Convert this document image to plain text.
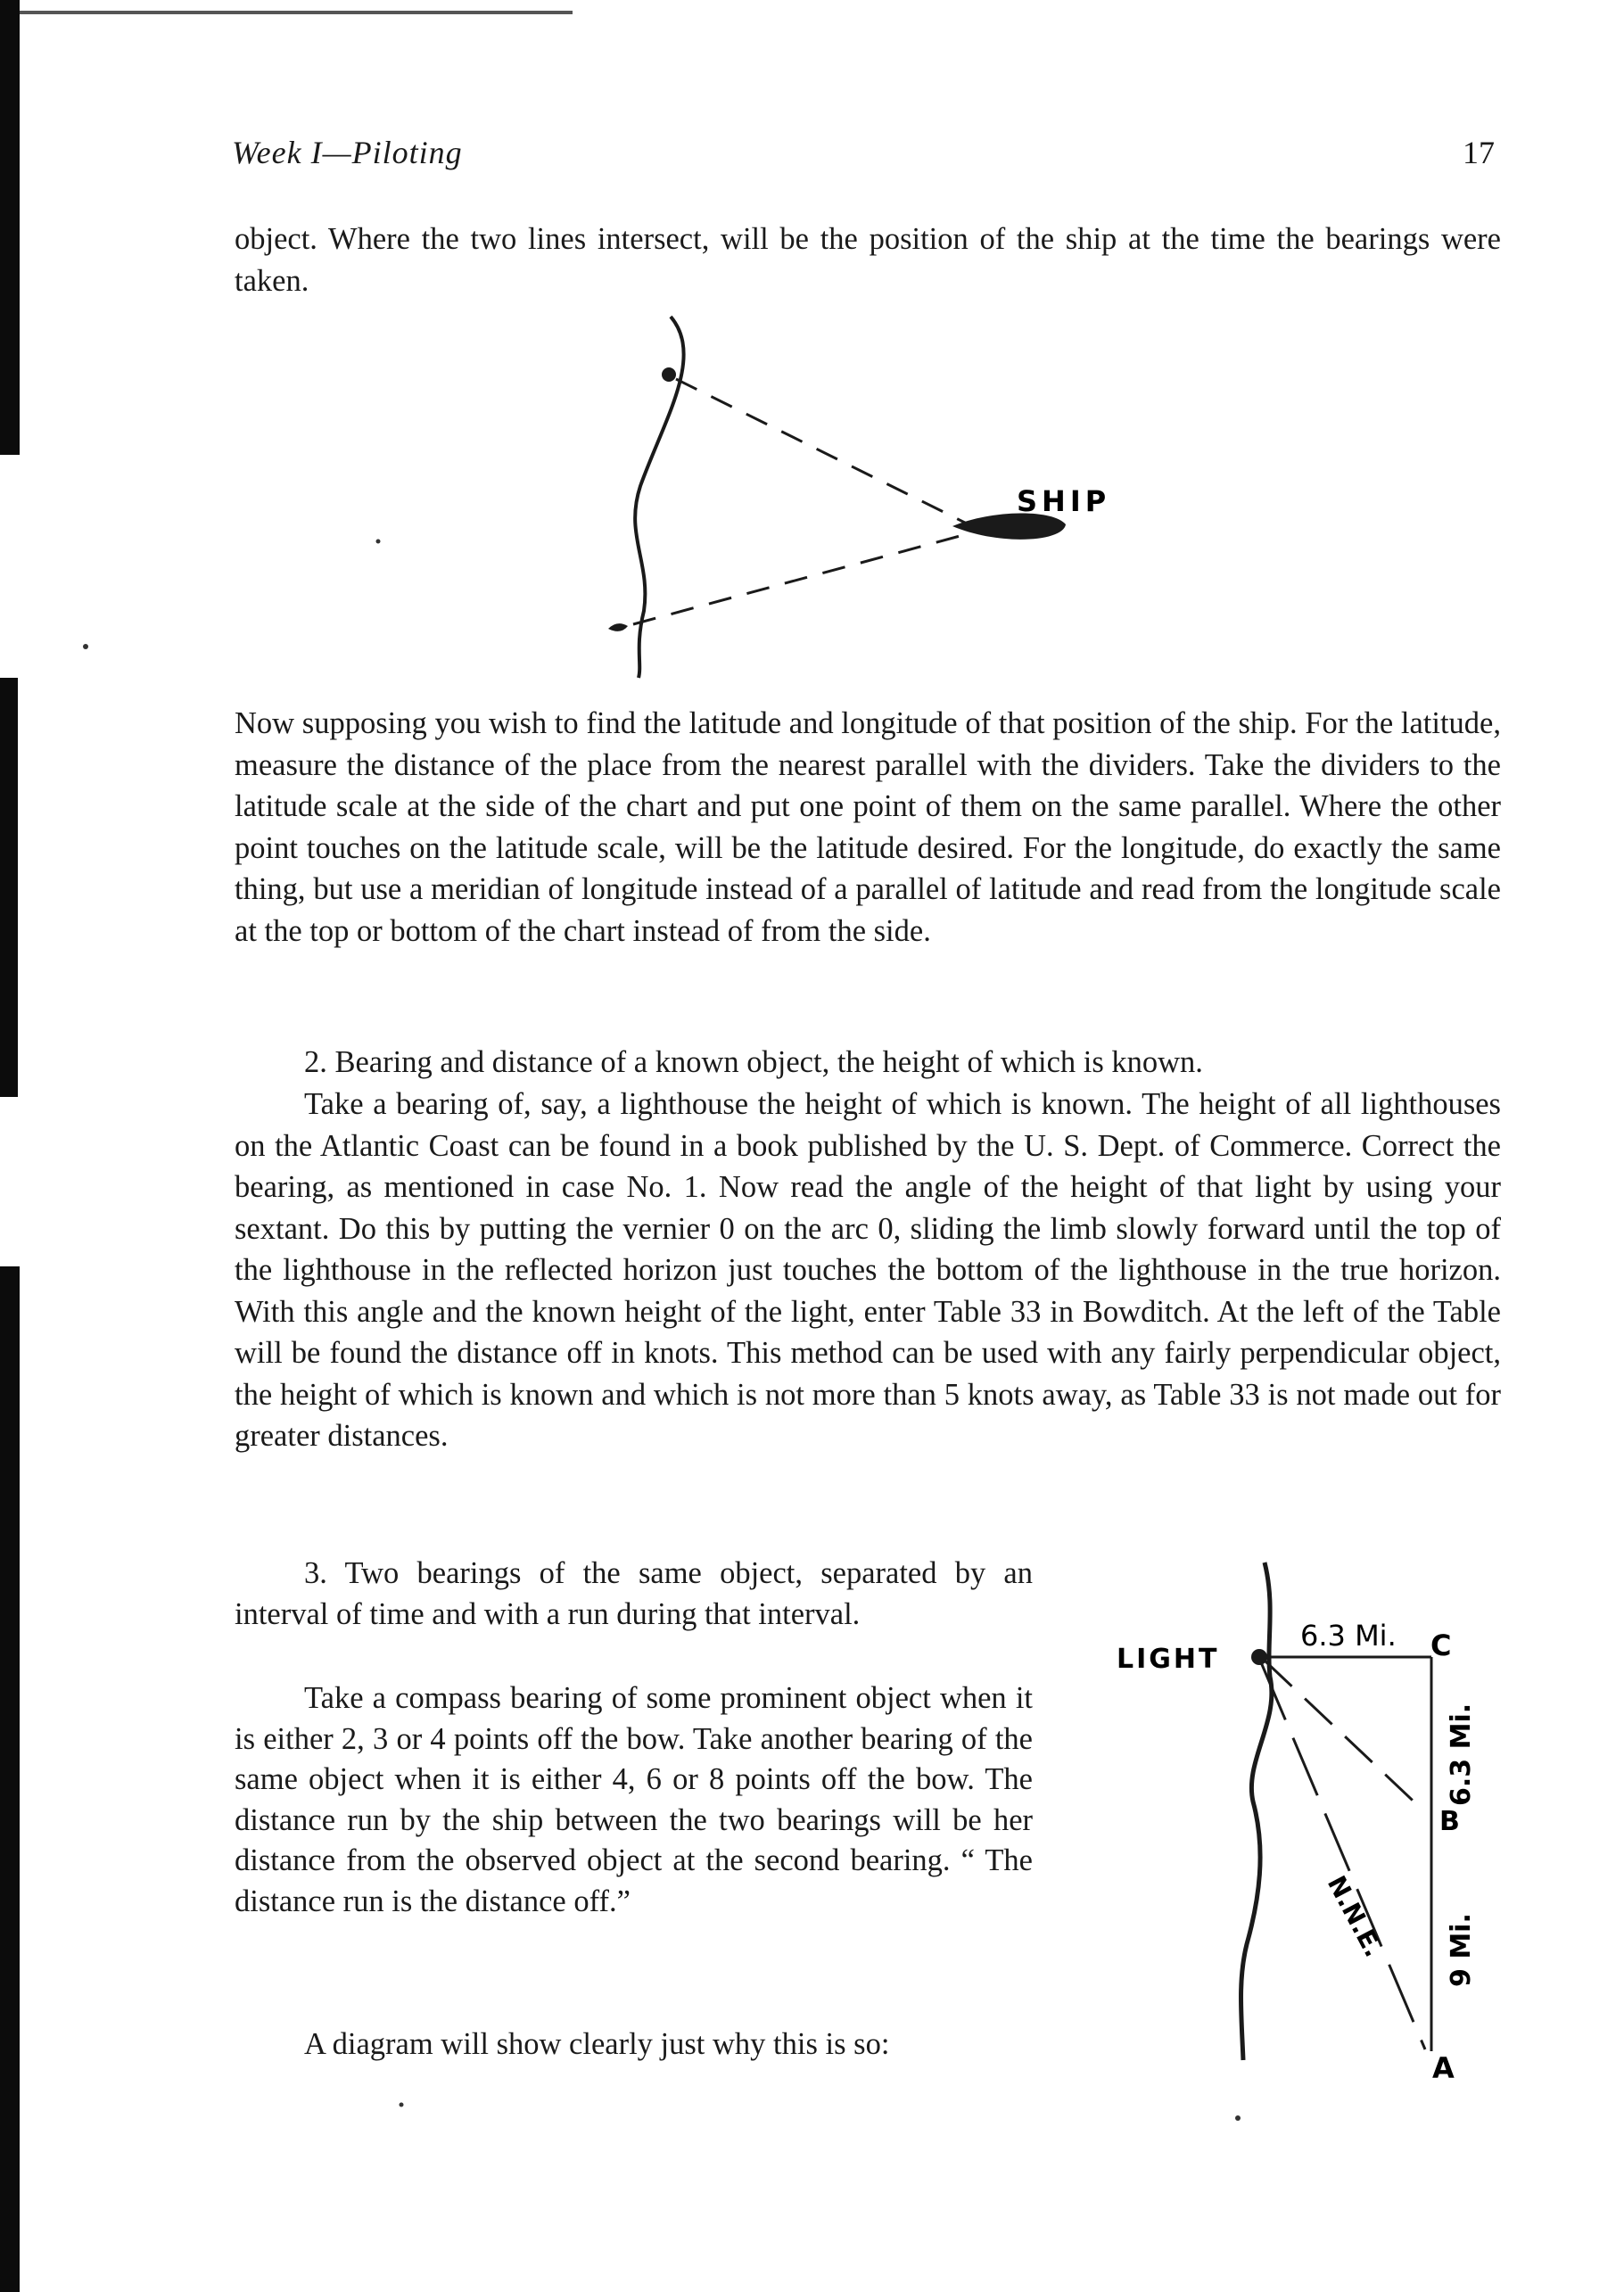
Week I—Piloting	17

object. Where the two lines intersect, will be the position of the ship at the time the bearings were taken.

SHIP

Now supposing you wish to find the latitude and longitude of that position of the ship. For the latitude, measure the distance of the place from the nearest parallel with the dividers. Take the dividers to the latitude scale at the side of the chart and put one point of them on the same parallel. Where the other point touches on the latitude scale, will be the latitude desired. For the longitude, do exactly the same thing, but use a meridian of longitude instead of a parallel of latitude and read from the longitude scale at the top or bottom of the chart instead of from the side.

2. Bearing and distance of a known object, the height of which is known.

Take a bearing of, say, a lighthouse the height of which is known. The height of all lighthouses on the Atlantic Coast can be found in a book published by the U. S. Dept. of Commerce. Correct the bearing, as mentioned in case No. 1. Now read the angle of the height of that light by using your sextant. Do this by putting the vernier 0 on the arc 0, sliding the limb slowly forward until the top of the lighthouse in the reflected horizon just touches the bottom of the lighthouse in the true horizon. With this angle and the known height of the light, enter Table 33 in Bowditch. At the left of the Table will be found the distance off in knots. This method can be used with any fairly perpendicular object, the height of which is known and which is not more than 5 knots away, as Table 33 is not made out for greater distances.

3. Two bearings of the same object, separated by an interval of time and with a run during that interval.

Take a compass bearing of some prominent object when it is either 2, 3 or 4 points off the bow. Take another bearing of the same object when it is either 4, 6 or 8 points off the bow. The distance run by the ship between the two bearings will be her distance from the observed object at the second bearing. “ The distance run is the distance off.”

A diagram will show clearly just why this is so:

LIGHT
6.3 Mi. C
6.3 Mi.
B
9 Mi.
A
N.N.E.
